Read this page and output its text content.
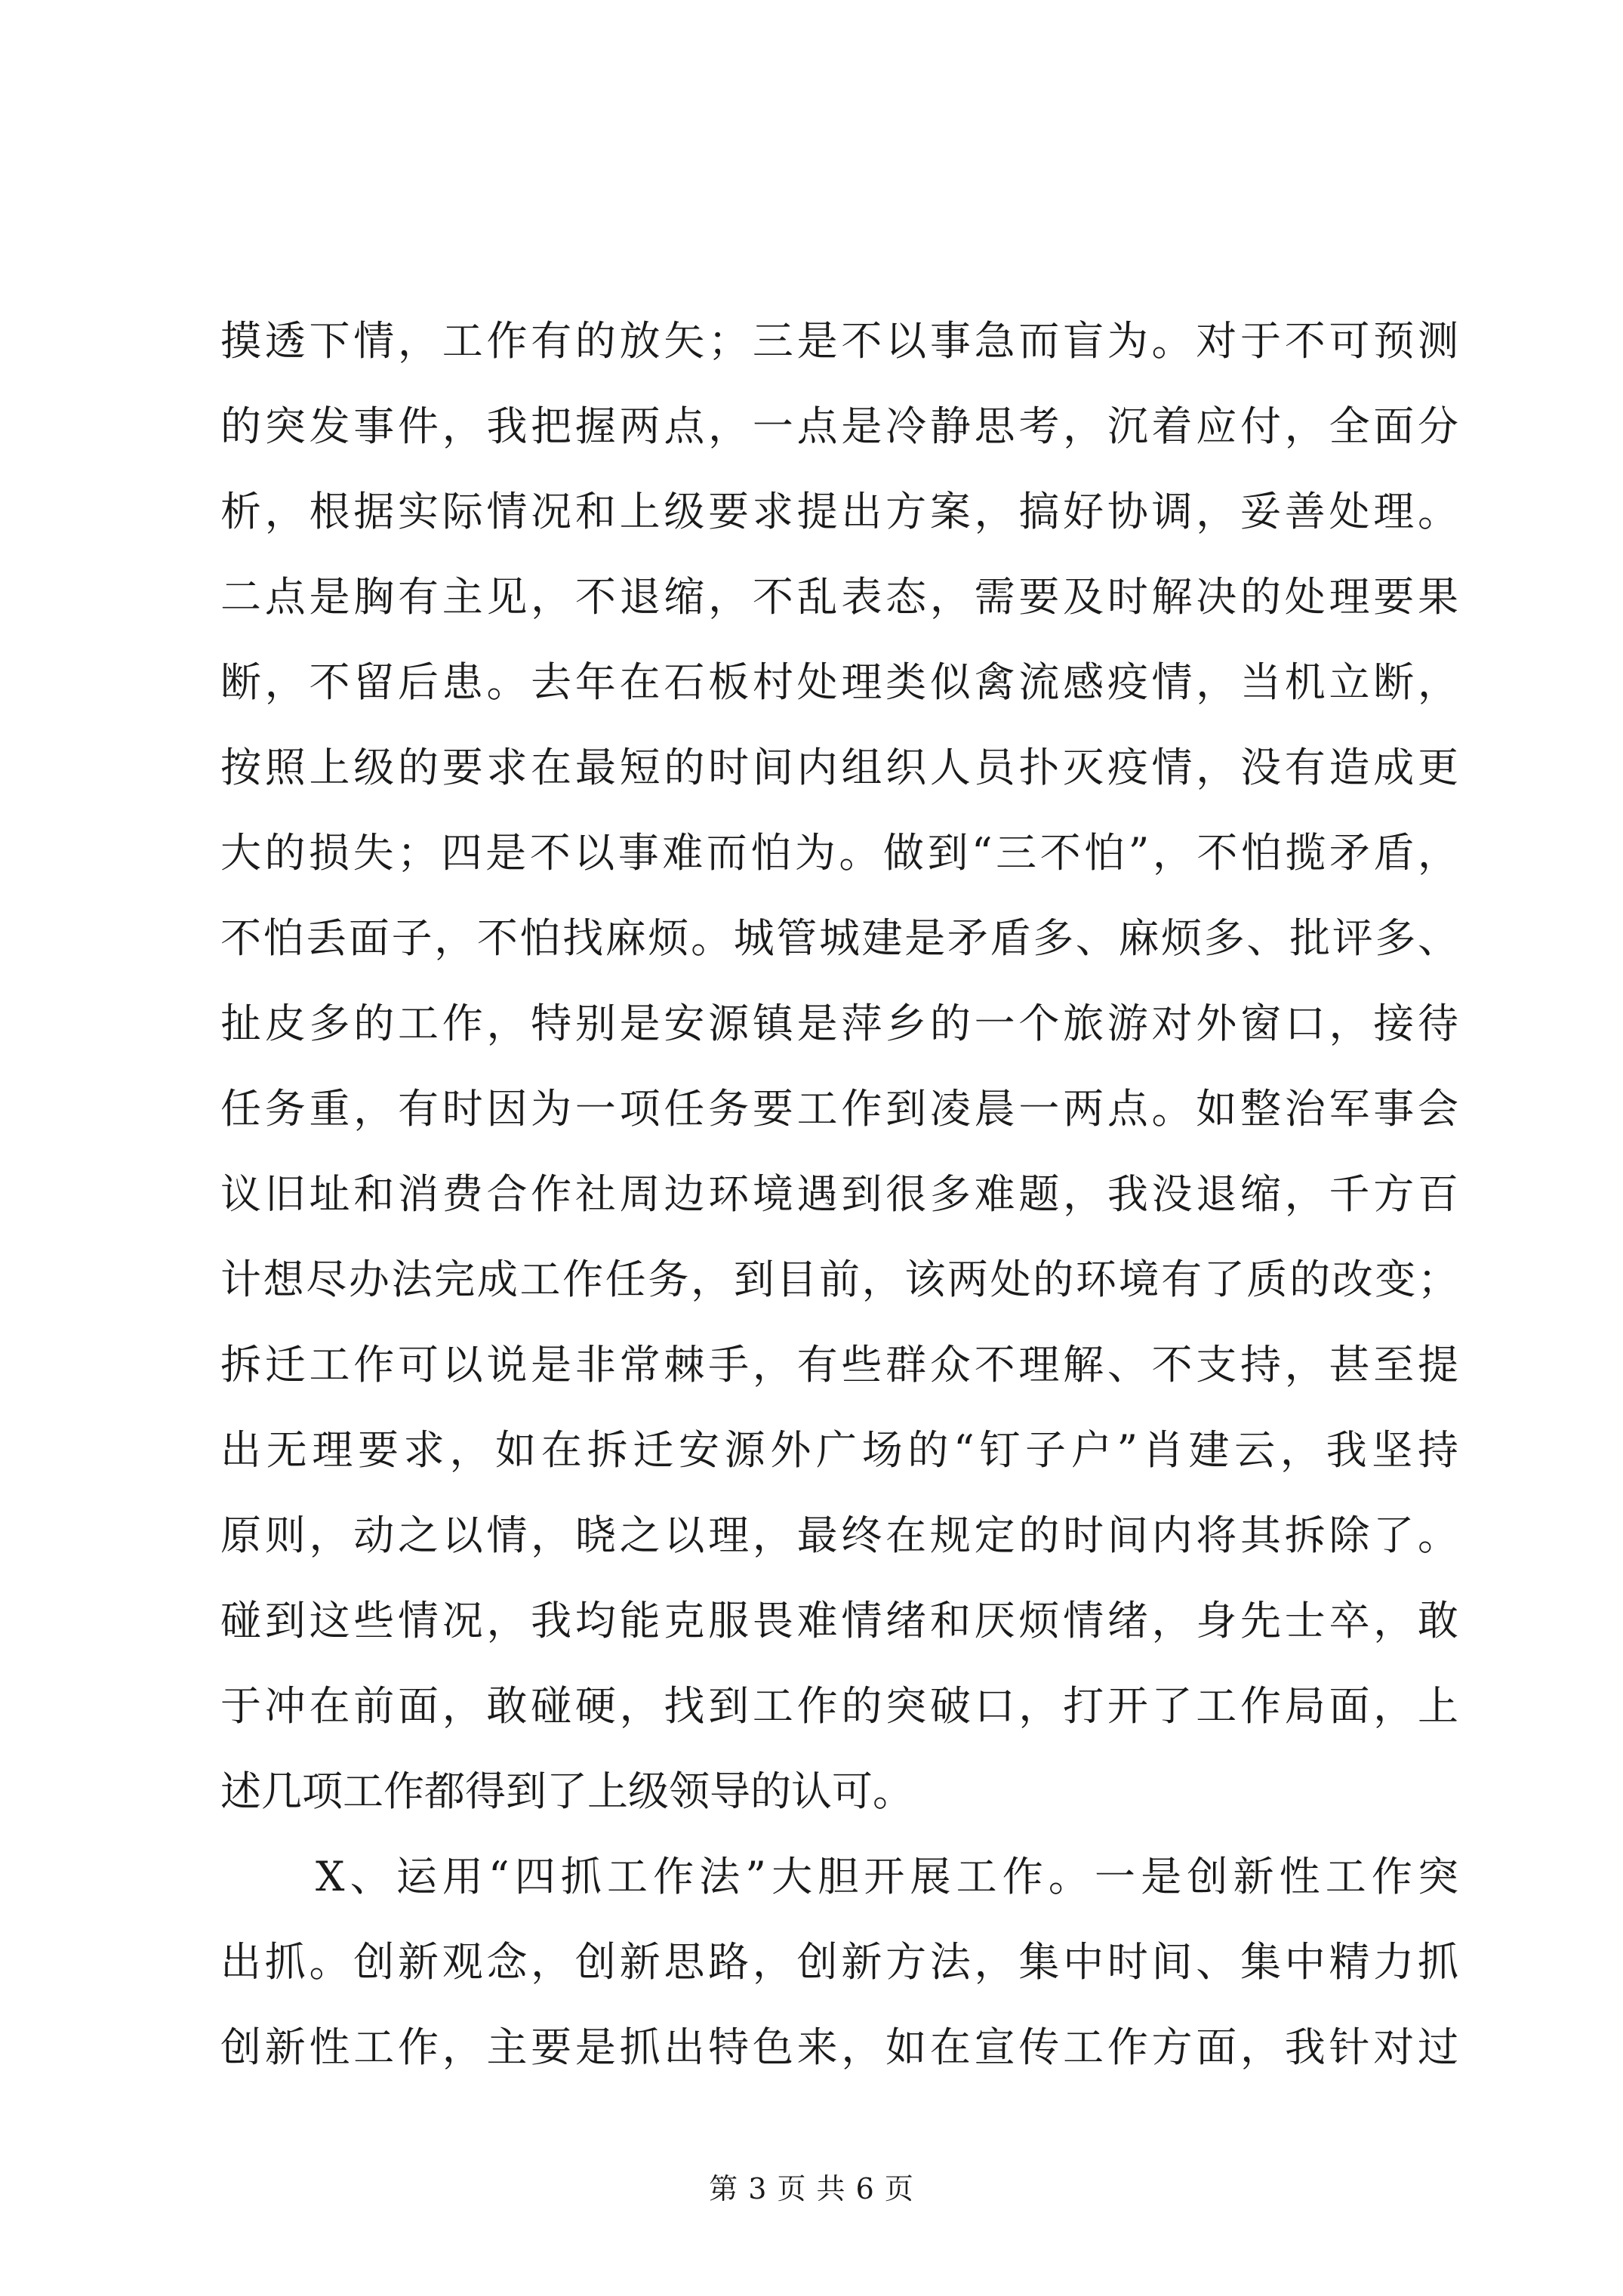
摸透下情，工作有的放矢；三是不以事急而盲为。对于不可预测
的突发事件，我把握两点，一点是冷静思考，沉着应付，全面分
析，根据实际情况和上级要求提出方案，搞好协调，妥善处理。
二点是胸有主见，不退缩，不乱表态，需要及时解决的处理要果
断，不留后患。去年在石板村处理类似禽流感疫情，当机立断，
按照上级的要求在最短的时间内组织人员扑灭疫情，没有造成更
大的损失；四是不以事难而怕为。做到“三不怕”，不怕揽矛盾，
不怕丢面子，不怕找麻烦。城管城建是矛盾多、麻烦多、批评多、
扯皮多的工作，特别是安源镇是萍乡的一个旅游对外窗口，接待
任务重，有时因为一项任务要工作到凌晨一两点。如整治军事会
议旧址和消费合作社周边环境遇到很多难题，我没退缩，千方百
计想尽办法完成工作任务，到目前，该两处的环境有了质的改变；
拆迁工作可以说是非常棘手，有些群众不理解、不支持，甚至提
出无理要求，如在拆迁安源外广场的“钉子户”肖建云，我坚持
原则，动之以情，晓之以理，最终在规定的时间内将其拆除了。
碰到这些情况，我均能克服畏难情绪和厌烦情绪，身先士卒，敢
于冲在前面，敢碰硬，找到工作的突破口，打开了工作局面，上
述几项工作都得到了上级领导的认可。
X、运用“四抓工作法”大胆开展工作。一是创新性工作突
出抓。创新观念，创新思路，创新方法，集中时间、集中精力抓
创新性工作，主要是抓出特色来，如在宣传工作方面，我针对过
第 3 页 共 6 页
